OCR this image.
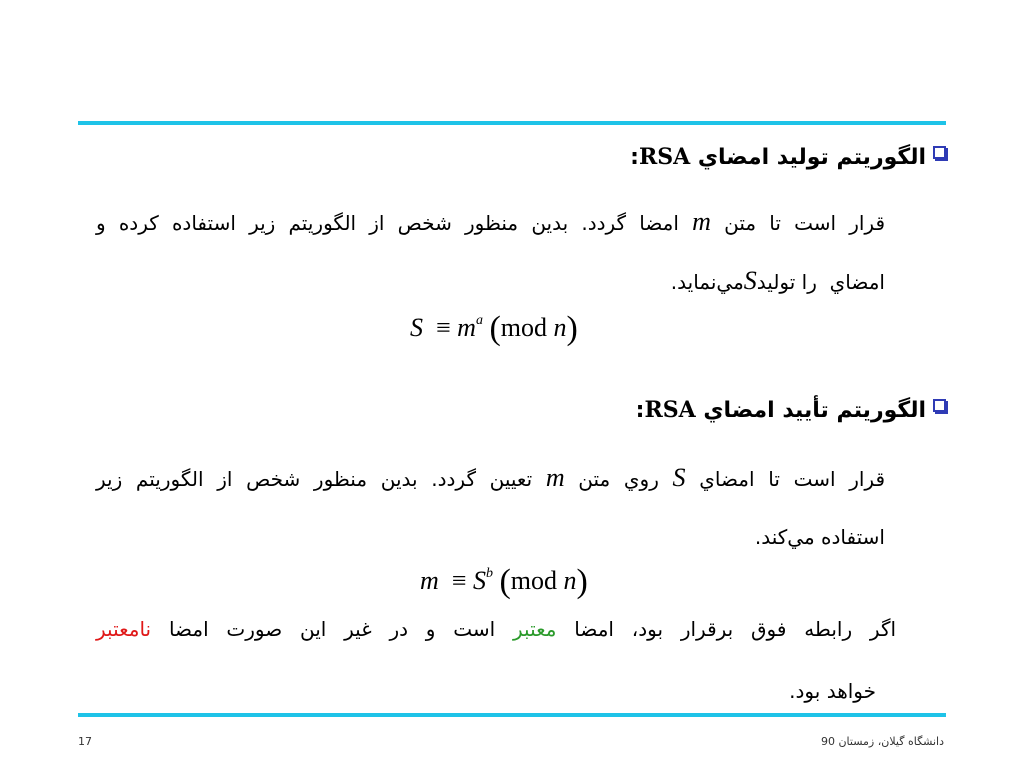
الگوريتم توليد امضاي RSA:
قرار است تا متن m امضا گردد. بدين منظور شخص از الگوريتم زير استفاده كرده و
امضاي  را توليدSمي‌نمايد.
$S \equiv m^a$ (mod n)
الگوريتم تأييد امضاي RSA:
قرار است تا امضاي S روي متن m تعيين گردد. بدين منظور شخص از الگوريتم زير
استفاده مي‌كند.
$m \equiv S^b$ (mod n)
اگر رابطه فوق برقرار بود، امضا معتبر است و در غير اين صورت امضا نامعتبر
خواهد بود.
17	دانشگاه گيلان، زمستان 90
